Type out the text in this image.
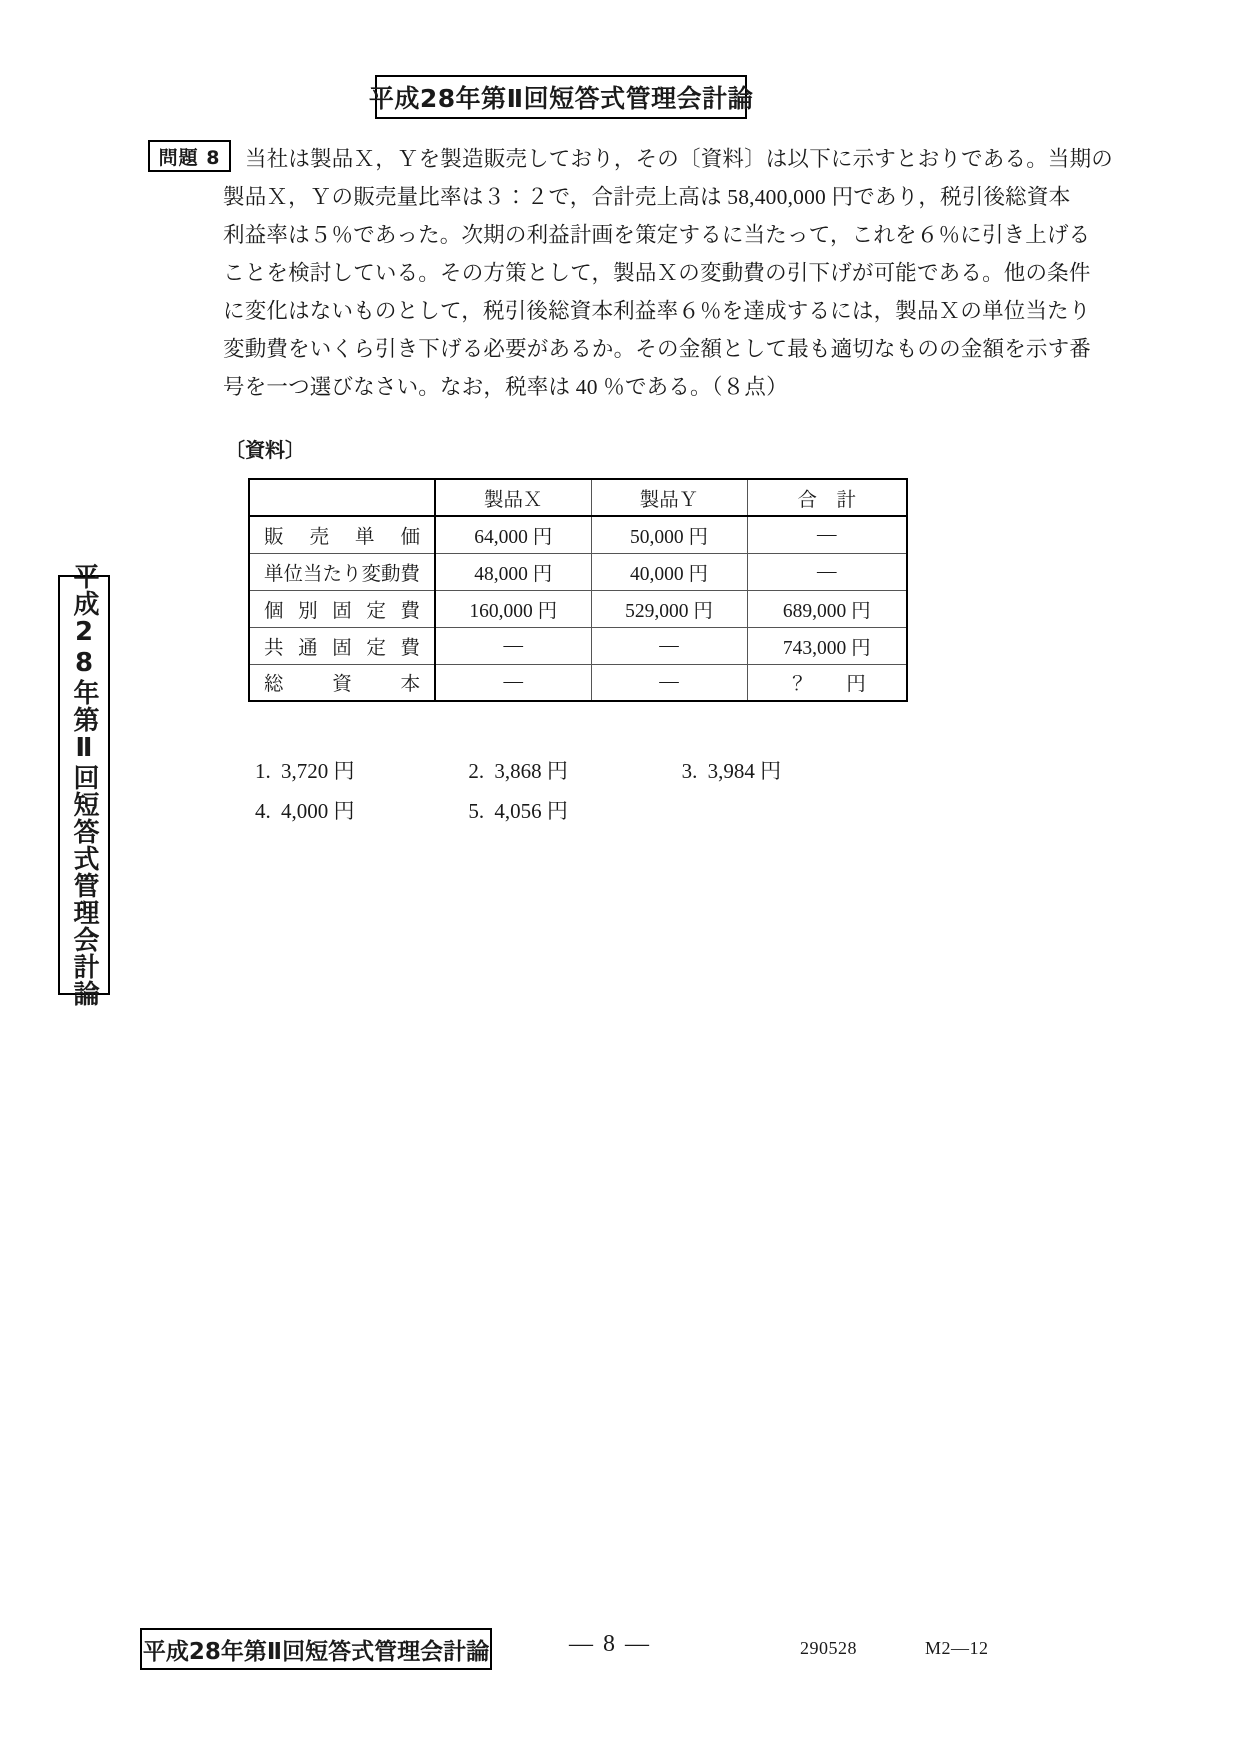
平成28年第Ⅱ回短答式管理会計論
問題 8	当社は製品Ｘ，Ｙを製造販売しており，その〔資料〕は以下に示すとおりである。当期の
製品Ｘ，Ｙの販売量比率は３：２で，合計売上高は 58,400,000 円であり，税引後総資本
利益率は５％であった。次期の利益計画を策定するに当たって，これを６％に引き上げる
ことを検討している。その方策として，製品Ｘの変動費の引下げが可能である。他の条件
に変化はないものとして，税引後総資本利益率６％を達成するには，製品Ｘの単位当たり
変動費をいくら引き下げる必要があるか。その金額として最も適切なものの金額を示す番
号を一つ選びなさい。なお，税率は 40 ％である。（８点）
〔資料〕
	製品Ｘ	製品Ｙ	合　計
販売単価	64,000 円	50,000 円	—
単位当たり変動費	48,000 円	40,000 円	—
個別固定費	160,000 円	529,000 円	689,000 円
共通固定費	—	—	743,000 円
総資本	—	—	？　　円
1. 3,720 円	2. 3,868 円	3. 3,984 円
4. 4,000 円	5. 4,056 円
平成28年第Ⅱ回短答式管理会計論
平成28年第Ⅱ回短答式管理会計論	― 8 ―	290528	M2―12
